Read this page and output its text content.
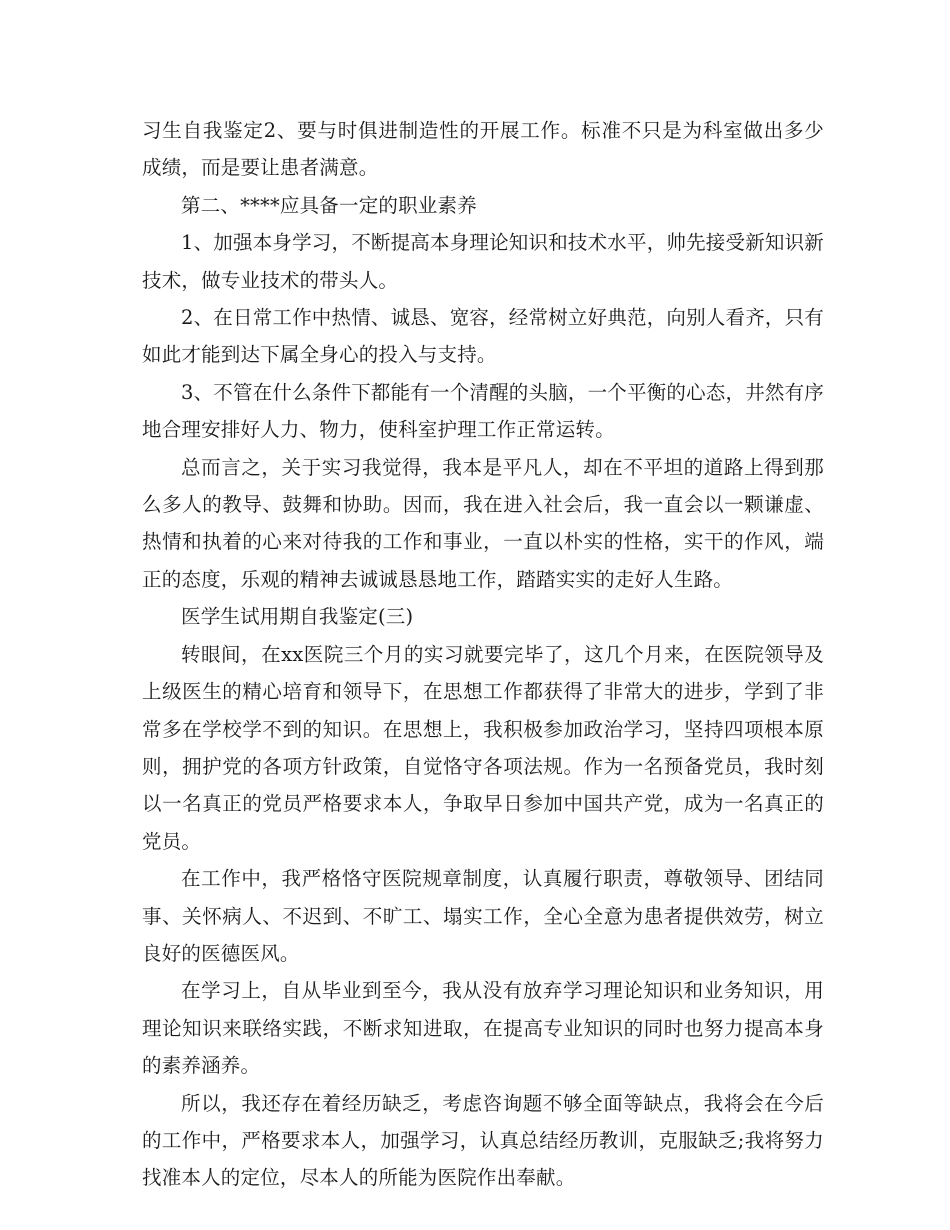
习生自我鉴定2、要与时俱进制造性的开展工作。标准不只是为科室做出多少成绩，而是要让患者满意。

第二、****应具备一定的职业素养

1、加强本身学习，不断提高本身理论知识和技术水平，帅先接受新知识新技术，做专业技术的带头人。

2、在日常工作中热情、诚恳、宽容，经常树立好典范，向别人看齐，只有如此才能到达下属全身心的投入与支持。

3、不管在什么条件下都能有一个清醒的头脑，一个平衡的心态，井然有序地合理安排好人力、物力，使科室护理工作正常运转。

总而言之，关于实习我觉得，我本是平凡人，却在不平坦的道路上得到那么多人的教导、鼓舞和协助。因而，我在进入社会后，我一直会以一颗谦虚、热情和执着的心来对待我的工作和事业，一直以朴实的性格，实干的作风，端正的态度，乐观的精神去诚诚恳恳地工作，踏踏实实的走好人生路。

医学生试用期自我鉴定(三)

转眼间，在xx医院三个月的实习就要完毕了，这几个月来，在医院领导及上级医生的精心培育和领导下，在思想工作都获得了非常大的进步，学到了非常多在学校学不到的知识。在思想上，我积极参加政治学习，坚持四项根本原则，拥护党的各项方针政策，自觉恪守各项法规。作为一名预备党员，我时刻以一名真正的党员严格要求本人，争取早日参加中国共产党，成为一名真正的党员。

在工作中，我严格恪守医院规章制度，认真履行职责，尊敬领导、团结同事、关怀病人、不迟到、不旷工、塌实工作，全心全意为患者提供效劳，树立良好的医德医风。

在学习上，自从毕业到至今，我从没有放弃学习理论知识和业务知识，用理论知识来联络实践，不断求知进取，在提高专业知识的同时也努力提高本身的素养涵养。

所以，我还存在着经历缺乏，考虑咨询题不够全面等缺点，我将会在今后的工作中，严格要求本人，加强学习，认真总结经历教训，克服缺乏;我将努力找准本人的定位，尽本人的所能为医院作出奉献。
